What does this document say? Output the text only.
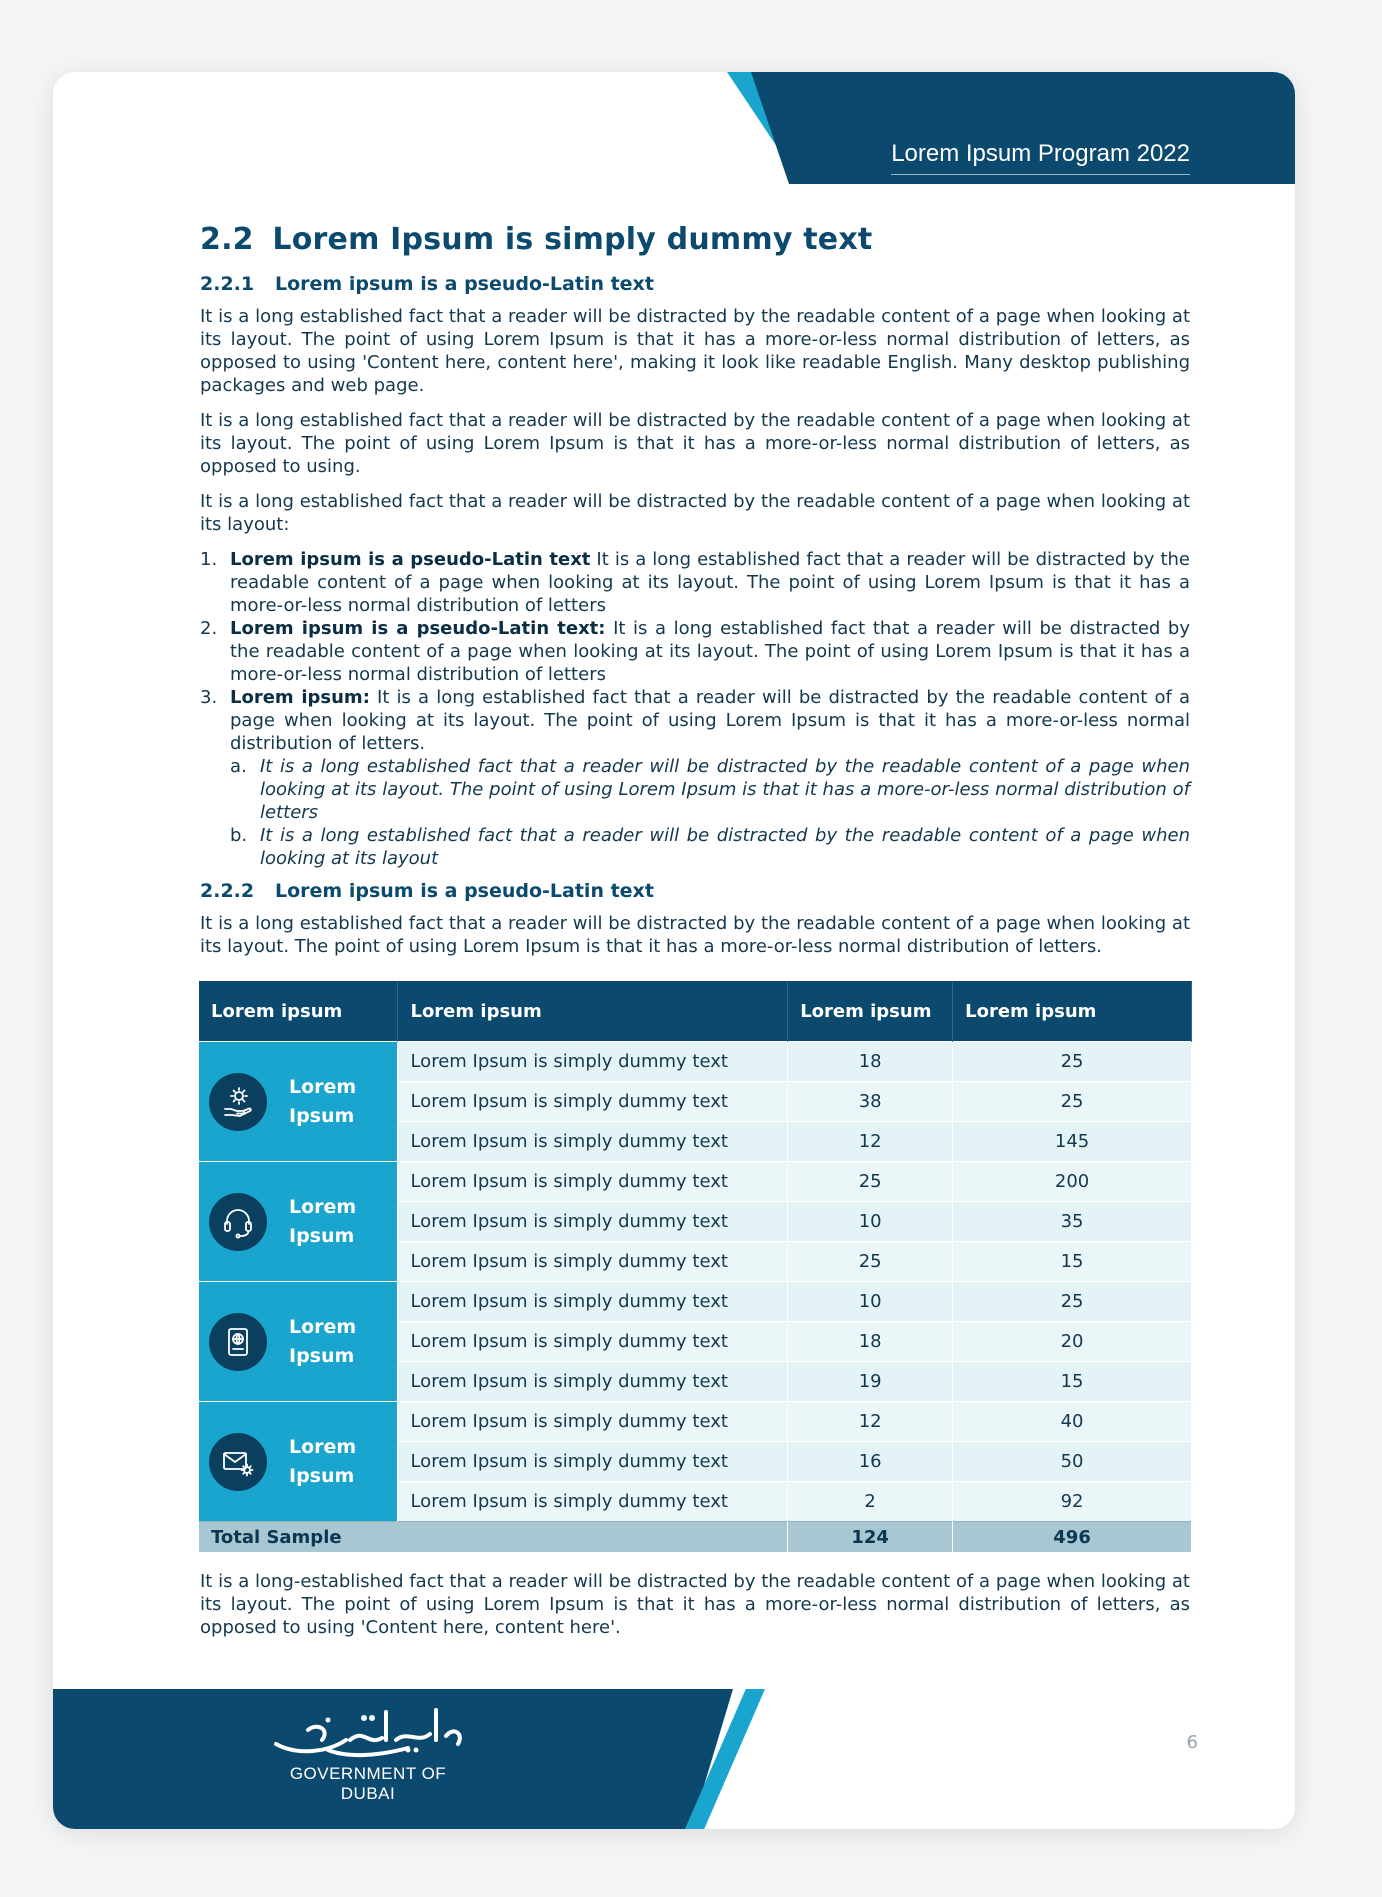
Lorem Ipsum Program 2022
2.2 Lorem Ipsum is simply dummy text
2.2.1 Lorem ipsum is a pseudo-Latin text

It is a long established fact that a reader will be distracted by the readable content of a page when looking at its layout. The point of using Lorem Ipsum is that it has a more-or-less normal distribution of letters, as opposed to using 'Content here, content here', making it look like readable English. Many desktop publishing packages and web page.

It is a long established fact that a reader will be distracted by the readable content of a page when looking at its layout. The point of using Lorem Ipsum is that it has a more-or-less normal distribution of letters, as opposed to using.

It is a long established fact that a reader will be distracted by the readable content of a page when looking at its layout:

1. Lorem ipsum is a pseudo-Latin text It is a long established fact that a reader will be distracted by the readable content of a page when looking at its layout. The point of using Lorem Ipsum is that it has a more-or-less normal distribution of letters
2. Lorem ipsum is a pseudo-Latin text: It is a long established fact that a reader will be distracted by the readable content of a page when looking at its layout. The point of using Lorem Ipsum is that it has a more-or-less normal distribution of letters
3. Lorem ipsum: It is a long established fact that a reader will be distracted by the readable content of a page when looking at its layout. The point of using Lorem Ipsum is that it has a more-or-less normal distribution of letters.
a. It is a long established fact that a reader will be distracted by the readable content of a page when looking at its layout. The point of using Lorem Ipsum is that it has a more-or-less normal distribution of letters
b. It is a long established fact that a reader will be distracted by the readable content of a page when looking at its layout
2.2.2 Lorem ipsum is a pseudo-Latin text

It is a long established fact that a reader will be distracted by the readable content of a page when looking at its layout. The point of using Lorem Ipsum is that it has a more-or-less normal distribution of letters.

GOVERNMENT OF DUBAI
6
Lorem ipsum	Lorem ipsum	Lorem ipsum	Lorem ipsum

Lorem
Ipsum	Lorem Ipsum is simply dummy text	18	25
	Lorem Ipsum is simply dummy text	38	25
	Lorem Ipsum is simply dummy text	12	145

Lorem
Ipsum	Lorem Ipsum is simply dummy text	25	200
	Lorem Ipsum is simply dummy text	10	35
	Lorem Ipsum is simply dummy text	25	15

Lorem
Ipsum	Lorem Ipsum is simply dummy text	10	25
	Lorem Ipsum is simply dummy text	18	20
	Lorem Ipsum is simply dummy text	19	15

Lorem
Ipsum	Lorem Ipsum is simply dummy text	12	40
	Lorem Ipsum is simply dummy text	16	50
	Lorem Ipsum is simply dummy text	2	92
Total Sample		124	496

It is a long-established fact that a reader will be distracted by the readable content of a page when looking at its layout. The point of using Lorem Ipsum is that it has a more-or-less normal distribution of letters, as opposed to using 'Content here, content here'.
